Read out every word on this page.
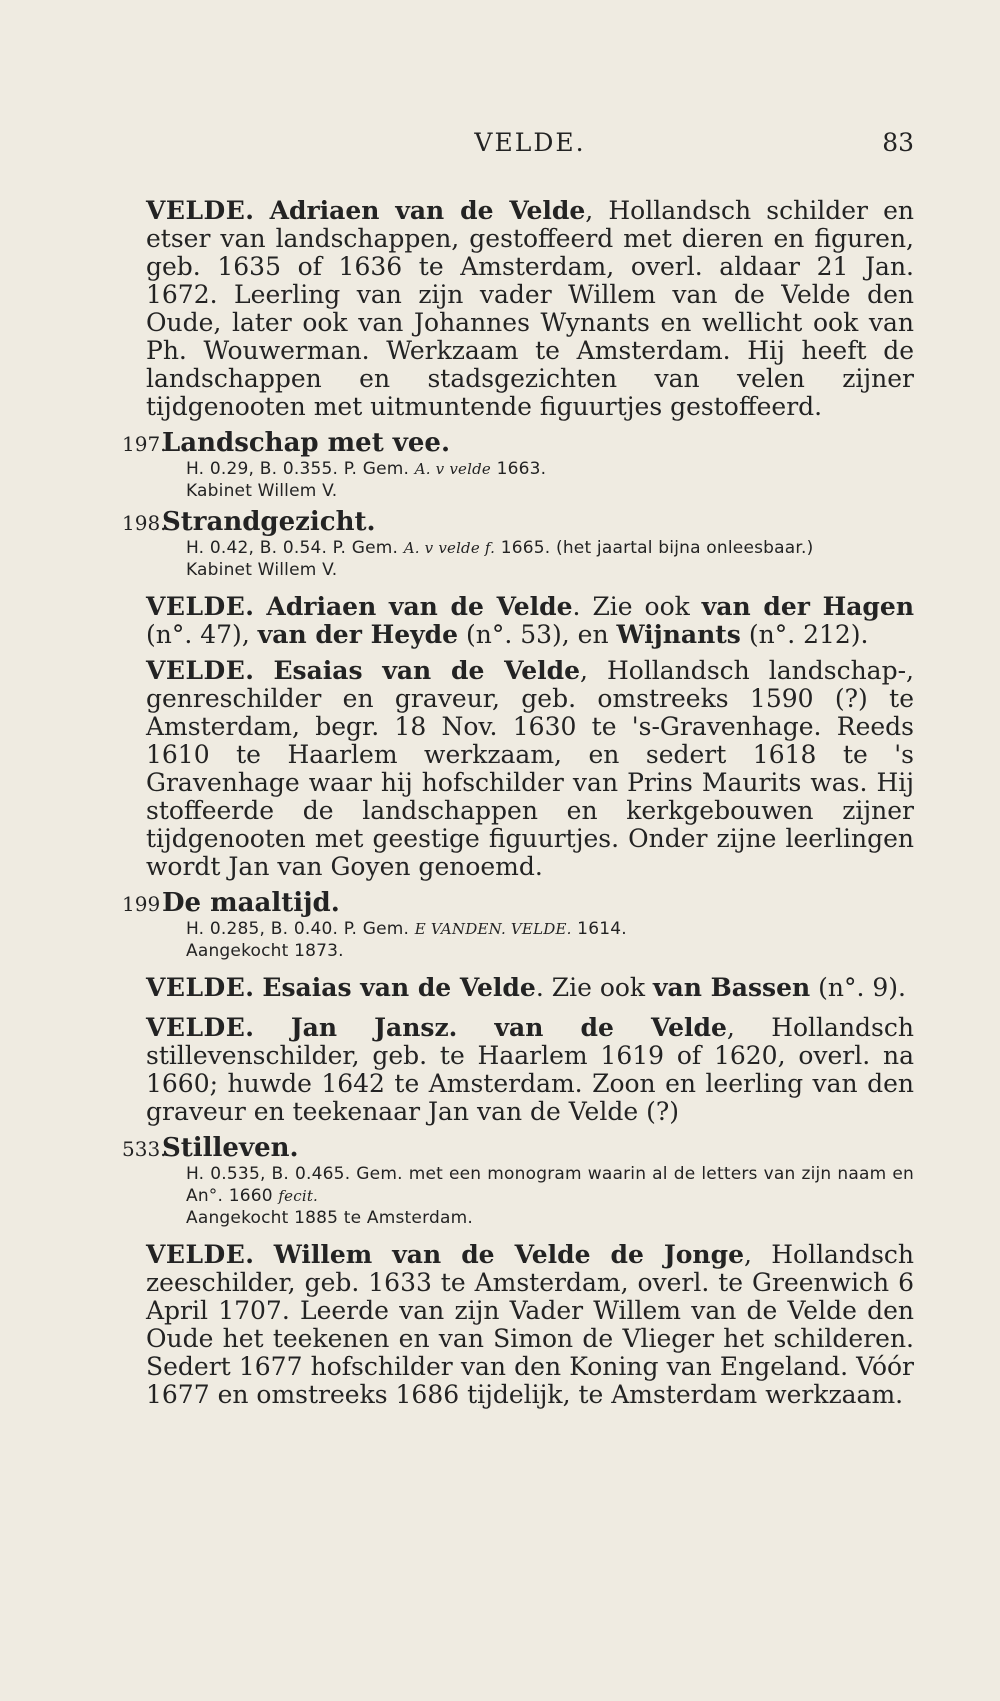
VELDE.	83

VELDE. Adriaen van de Velde, Hollandsch schilder en etser van landschappen, gestoffeerd met dieren en figuren, geb. 1635 of 1636 te Amsterdam, overl. aldaar 21 Jan. 1672. Leerling van zijn vader Willem van de Velde den Oude, later ook van Johannes Wynants en wellicht ook van Ph. Wouwerman. Werkzaam te Amsterdam. Hij heeft de landschappen en stadsgezichten van velen zijner tijdgenooten met uitmuntende figuurtjes gestoffeerd.

197.Landschap met vee.
H. 0.29, B. 0.355. P. Gem. A. v velde 1663.
Kabinet Willem V.
198.Strandgezicht.
H. 0.42, B. 0.54. P. Gem. A. v velde f. 1665. (het jaartal bijna onleesbaar.)
Kabinet Willem V.

VELDE. Adriaen van de Velde. Zie ook van der Hagen (n°. 47), van der Heyde (n°. 53), en Wijnants (n°. 212).

VELDE. Esaias van de Velde, Hollandsch landschap-, genreschilder en graveur, geb. omstreeks 1590 (?) te Amsterdam, begr. 18 Nov. 1630 te 's-Gravenhage. Reeds 1610 te Haarlem werkzaam, en sedert 1618 te 's Gravenhage waar hij hofschilder van Prins Maurits was. Hij stoffeerde de landschappen en kerkgebouwen zijner tijdgenooten met geestige figuurtjes. Onder zijne leerlingen wordt Jan van Goyen genoemd.

199De maaltijd.
H. 0.285, B. 0.40. P. Gem. E VANDEN. VELDE. 1614.
Aangekocht 1873.

VELDE. Esaias van de Velde. Zie ook van Bassen (n°. 9).

VELDE. Jan Jansz. van de Velde, Hollandsch stillevenschilder, geb. te Haarlem 1619 of 1620, overl. na 1660; huwde 1642 te Amsterdam. Zoon en leerling van den graveur en teekenaar Jan van de Velde (?)

533.Stilleven.
H. 0.535, B. 0.465. Gem. met een monogram waarin al de letters van zijn naam en An°. 1660 fecit.
Aangekocht 1885 te Amsterdam.

VELDE. Willem van de Velde de Jonge, Hollandsch zeeschilder, geb. 1633 te Amsterdam, overl. te Greenwich 6 April 1707. Leerde van zijn Vader Willem van de Velde den Oude het teekenen en van Simon de Vlieger het schilderen. Sedert 1677 hofschilder van den Koning van Engeland. Vóór 1677 en omstreeks 1686 tijdelijk, te Amsterdam werkzaam.
